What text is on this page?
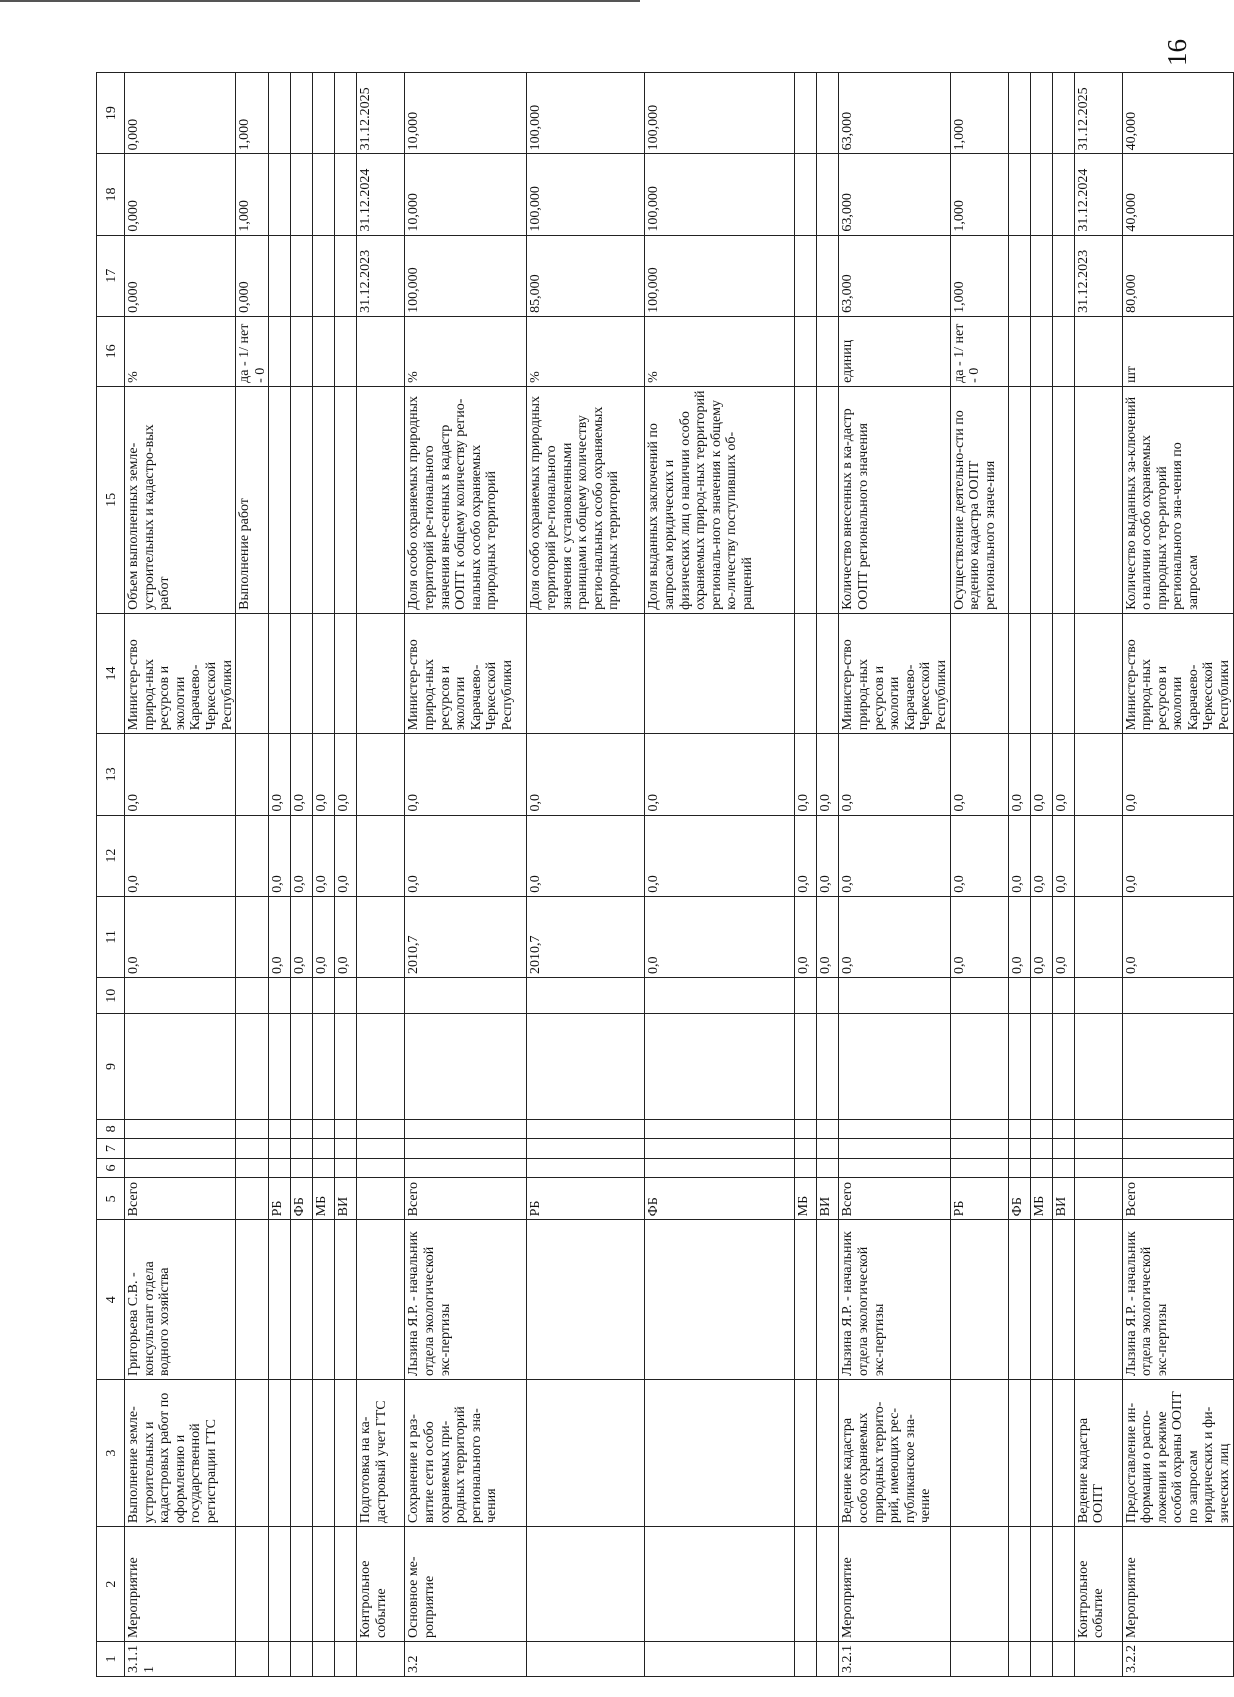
16
1	2	3	4	5	6	7	8	9	10	11	12	13	14	15	16	17	18	19
3.1.11	Мероприятие	Выполнение земле-устроительных и кадастровых работ по оформлению и государственной регистрации ГТС	Григорьева С.В. - консультант отдела водного хозяйства	Всего						0,0	0,0	0,0	Министер-ство природ-ных ресурсов и экологии Карачаево-Черкесской Республики	Объем выполненных земле-устроительных и кадастро-вых работ	%	0,000	0,000	0,000
														Выполнение работ	да - 1/ нет - 0	0,000	1,000	1,000
				РБ						0,0	0,0	0,0						
				ФБ						0,0	0,0	0,0						
				МБ						0,0	0,0	0,0						
				ВИ						0,0	0,0	0,0						
	Контрольное событие	Подготовка на ка-дастровый учет ГТС														31.12.2023	31.12.2024	31.12.2025
3.2	Основное ме-роприятие	Сохранение и раз-витие сети особо охраняемых при-родных территорий регионального зна-чения	Лызина Я.Р. - начальник отдела экологической экс-пертизы	Всего						2010,7	0,0	0,0	Министер-ство природ-ных ресурсов и экологии Карачаево-Черкесской Республики	Доля особо охраняемых природных территорий ре-гионального значения вне-сенных в кадастр ООПТ к общему количеству регио-нальных особо охраняемых природных территорий	%	100,000	10,000	10,000
				РБ						2010,7	0,0	0,0		Доля особо охраняемых природных территорий ре-гионального значения с установленными границами к общему количеству регио-нальных особо охраняемых природных территорий	%	85,000	100,000	100,000
				ФБ						0,0	0,0	0,0		Доля выданных заключений по запросам юридических и физических лиц о наличии особо охраняемых природ-ных территорий региональ-ного значения к общему ко-личеству поступивших об-ращений	%	100,000	100,000	100,000
				МБ						0,0	0,0	0,0						
				ВИ						0,0	0,0	0,0						
3.2.1	Мероприятие	Ведение кадастра особо охраняемых природных террито-рий, имеющих рес-публиканское зна-чение	Лызина Я.Р. - начальник отдела экологической экс-пертизы	Всего						0,0	0,0	0,0	Министер-ство природ-ных ресурсов и экологии Карачаево-Черкесской Республики	Количество внесенных в ка-дастр ООПТ регионального значения	единиц	63,000	63,000	63,000
				РБ						0,0	0,0	0,0		Осуществление деятельно-сти по ведению кадастра ООПТ регионального значе-ния	да - 1/ нет - 0	1,000	1,000	1,000
				ФБ						0,0	0,0	0,0						
				МБ						0,0	0,0	0,0						
				ВИ						0,0	0,0	0,0						
	Контрольное событие	Ведение кадастра ООПТ														31.12.2023	31.12.2024	31.12.2025
3.2.2	Мероприятие	Предоставление ин-формации о распо-ложении и режиме особой охраны ООПТ по запросам юридических и фи-зических лиц	Лызина Я.Р. - начальник отдела экологической экс-пертизы	Всего						0,0	0,0	0,0	Министер-ство природ-ных ресурсов и экологии Карачаево-Черкесской Республики	Количество выданных за-ключений о наличии особо охраняемых природных тер-риторий регионального зна-чения по запросам	шт	80,000	40,000	40,000
